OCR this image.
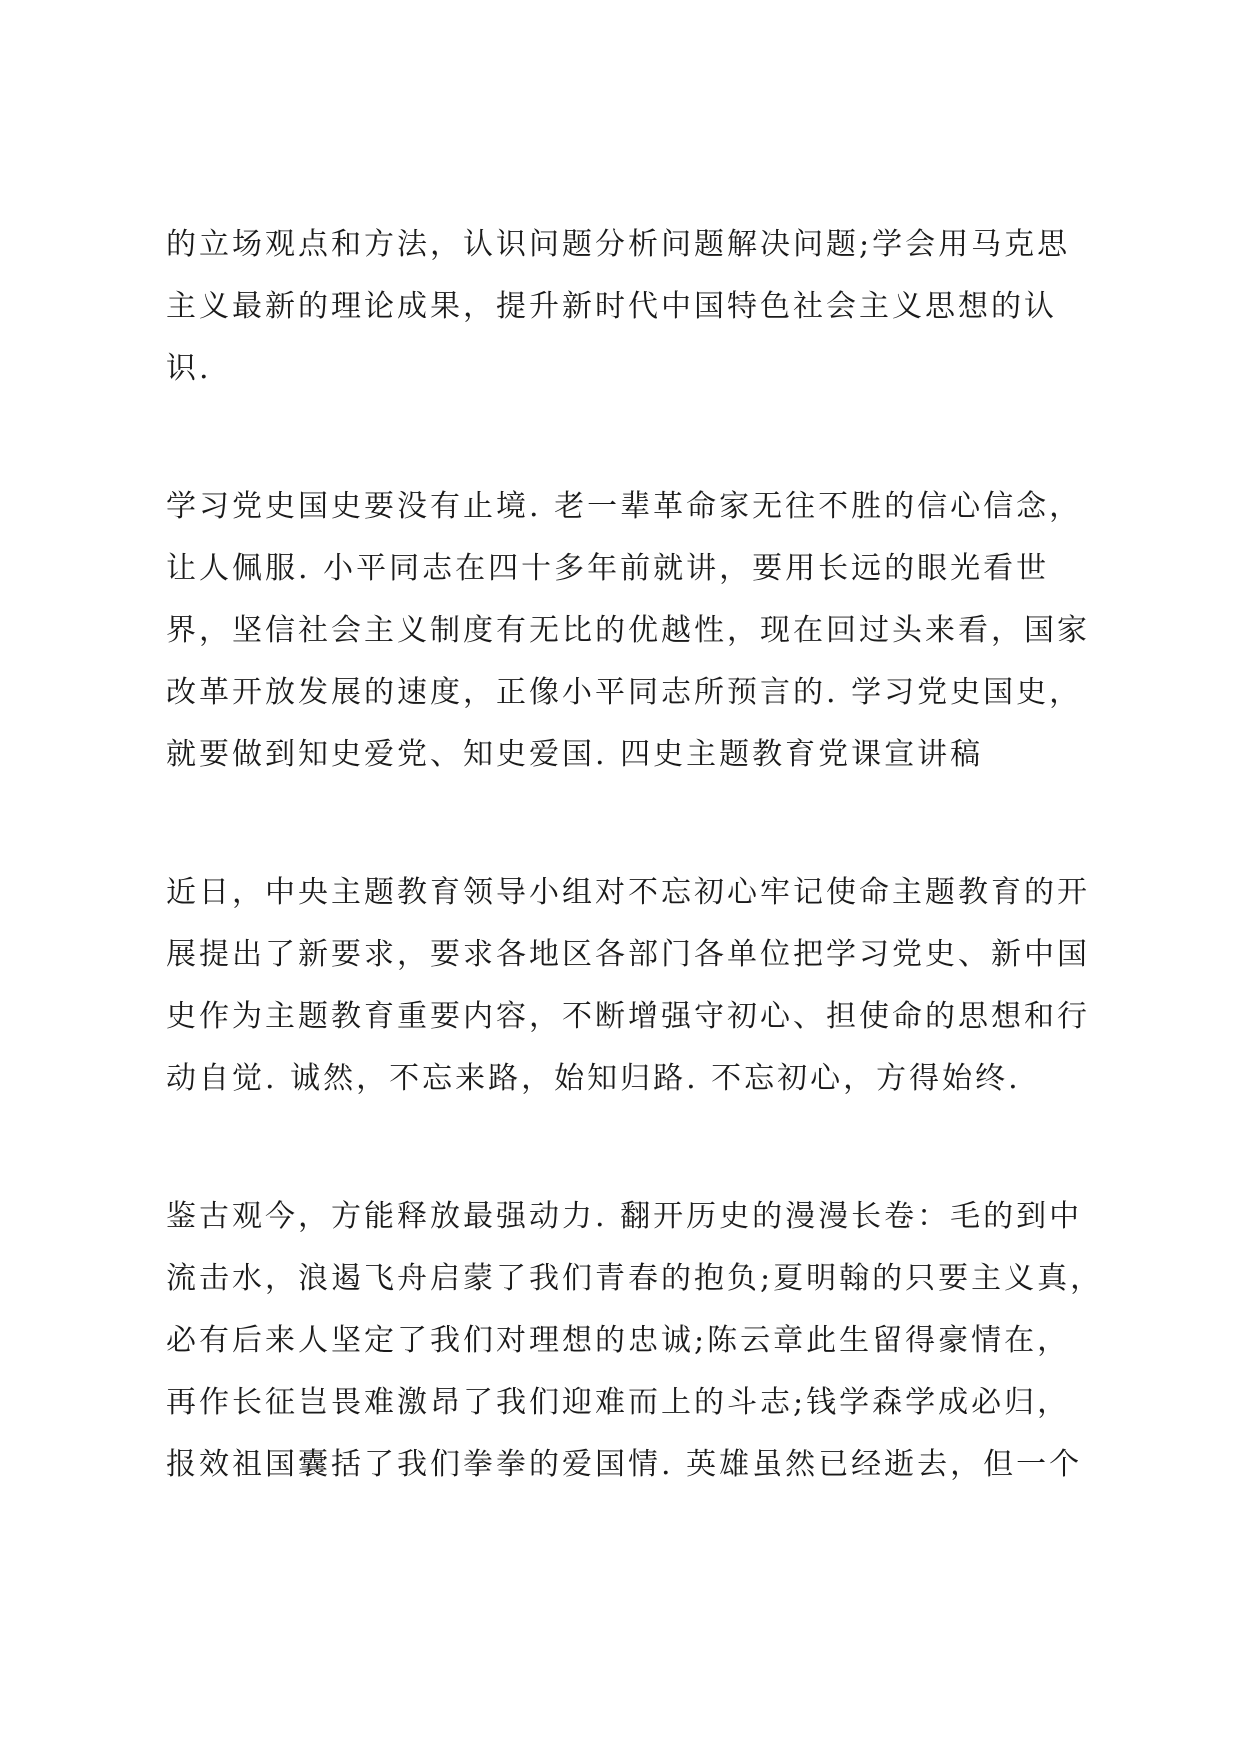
的立场观点和方法，认识问题分析问题解决问题;学会用马克思
主义最新的理论成果，提升新时代中国特色社会主义思想的认
识.
学习党史国史要没有止境. 老一辈革命家无往不胜的信心信念，
让人佩服. 小平同志在四十多年前就讲，要用长远的眼光看世
界，坚信社会主义制度有无比的优越性，现在回过头来看，国家
改革开放发展的速度，正像小平同志所预言的. 学习党史国史，
就要做到知史爱党、知史爱国. 四史主题教育党课宣讲稿
近日，中央主题教育领导小组对不忘初心牢记使命主题教育的开
展提出了新要求，要求各地区各部门各单位把学习党史、新中国
史作为主题教育重要内容，不断增强守初心、担使命的思想和行
动自觉. 诚然，不忘来路，始知归路. 不忘初心，方得始终.
鉴古观今，方能释放最强动力. 翻开历史的漫漫长卷：毛的到中
流击水，浪遏飞舟启蒙了我们青春的抱负;夏明翰的只要主义真，
必有后来人坚定了我们对理想的忠诚;陈云章此生留得豪情在，
再作长征岂畏难激昂了我们迎难而上的斗志;钱学森学成必归，
报效祖国囊括了我们拳拳的爱国情. 英雄虽然已经逝去，但一个
